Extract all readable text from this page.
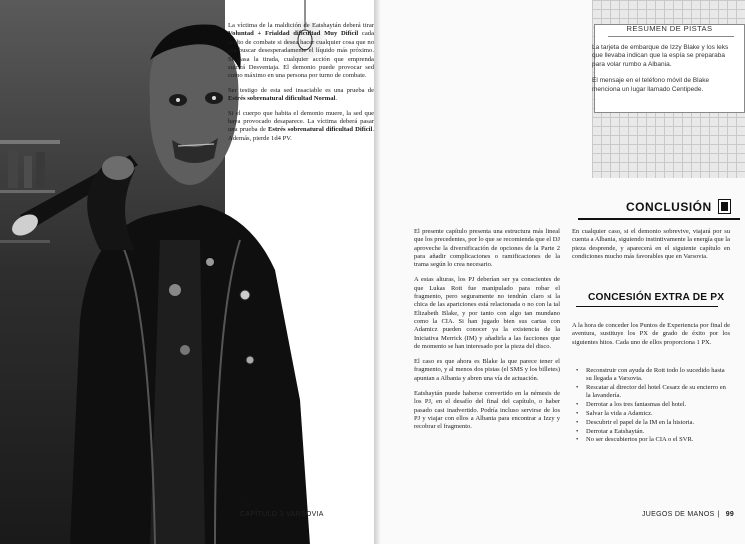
La víctima de la maldición de Eatshaytán deberá tirar Voluntad + Frialdad dificultad Muy Difícil cada asalto de combate si desea hacer cualquier cosa que no sea buscar desesperadamente el líquido más próximo. Si pasa la tirada, cualquier acción que emprenda sufrirá Desventaja. El demonio puede provocar sed como máximo en una persona por turno de combate.

Ser testigo de esta sed insaciable es una prueba de Estrés sobrenatural dificultad Normal.

Si el cuerpo que habita el demonio muere, la sed que haya provocado desaparece. La víctima deberá pasar una prueba de Estrés sobrenatural dificultad Difícil Además, pierde 1d4 PV.

CAPÍTULO 3 VARSOVIA
RESUMEN DE PISTAS

La tarjeta de embarque de Izzy Blake y los leks que llevaba indican que la espía se preparaba para volar rumbo a Albania.

El mensaje en el teléfono móvil de Blake menciona un lugar llamado Centipede.

CONCLUSIÓN

El presente capítulo presenta una estructura más lineal que los precedentes, por lo que se recomienda que el DJ aproveche la diversificación de opciones de la Parte 2 para añadir complicaciones o ramificaciones de la trama según lo crea necesario.

A estas alturas, los PJ deberían ser ya conscientes de que Lukas Rott fue manipulado para robar el fragmento, pero seguramente no tendrán claro si la chica de las apariciones está relacionada o no con la tal Elizabeth Blake, y por tanto con algo tan mundano como la CIA. Si han jugado bien sus cartas con Adamicz pueden conocer ya la existencia de la Iniciativa Merrick (IM) y añadirla a las facciones que de momento se han interesado por la pieza del disco.

El caso es que ahora es Blake la que parece tener el fragmento, y al menos dos pistas (el SMS y los billetes) apuntan a Albania y abren una vía de actuación.

Eatshaytán puede haberse convertido en la némesis de los PJ, en el desafío del final del capítulo, o haber pasado casi inadvertido. Podría incluso servirse de los PJ y viajar con ellos a Albania para encontrar a Izzy y recobrar el fragmento.

En cualquier caso, si el demonio sobrevive, viajará por su cuenta a Albania, siguiendo instintivamente la energía que la pieza desprende, y aparecerá en el siguiente capítulo en condiciones mucho más favorables que en Varsovia.

CONCESIÓN EXTRA DE PX

A la hora de conceder los Puntos de Experiencia por final de aventura, sustituye los PX de grado de éxito por los siguientes hitos. Cada uno de ellos proporciona 1 PX.

• Reconstruir con ayuda de Rott todo lo sucedido hasta su llegada a Varsovia.
• Rescatar al director del hotel Cesarz de su encierro en la lavandería.
• Derrotar a los tres fantasmas del hotel.
• Salvar la vida a Adamicz.
• Descubrir el papel de la IM en la historia.
• Derrotar a Eatshaytán.
• No ser descubiertos por la CIA o el SVR.
JUEGOS DE MANOS | 99
